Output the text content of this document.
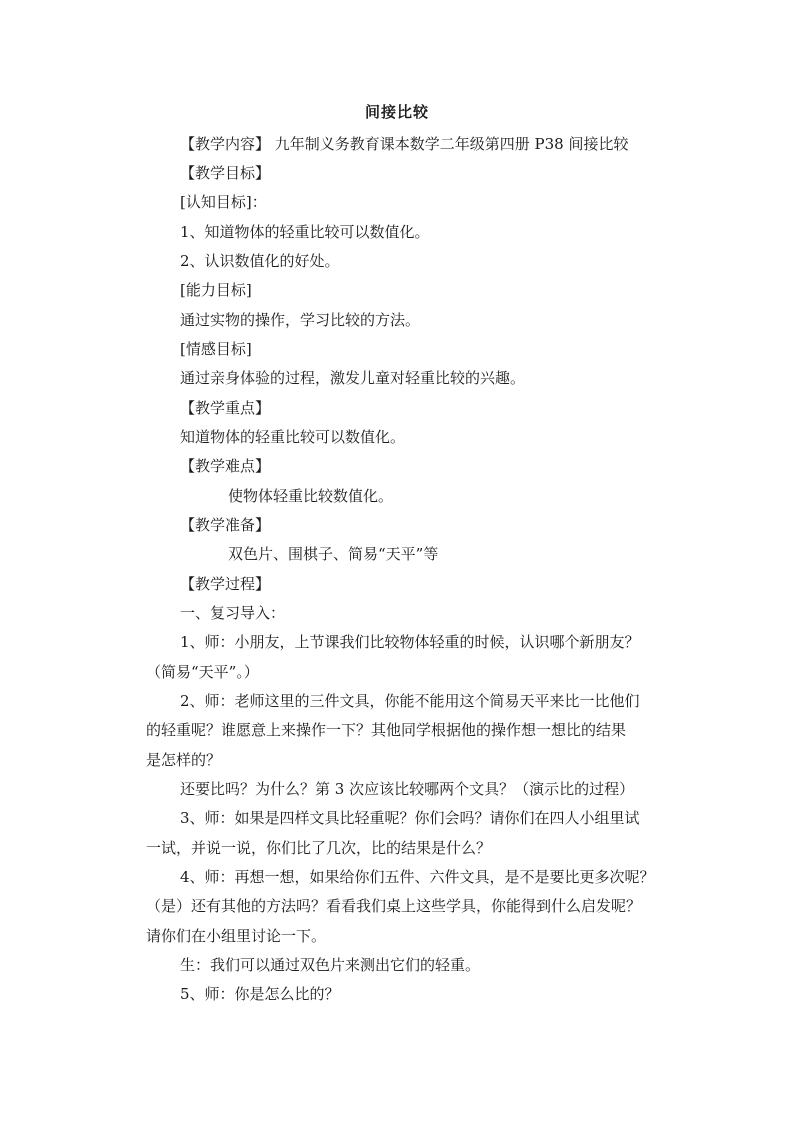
间接比较
【教学内容】 九年制义务教育课本数学二年级第四册 P38 间接比较
【教学目标】
[认知目标]：
1、知道物体的轻重比较可以数值化。
2、认识数值化的好处。
[能力目标]
通过实物的操作，学习比较的方法。
[情感目标]
通过亲身体验的过程，激发儿童对轻重比较的兴趣。
【教学重点】
知道物体的轻重比较可以数值化。
【教学难点】
使物体轻重比较数值化。
【教学准备】
双色片、围棋子、简易“天平”等
【教学过程】
一、复习导入：
1、师：小朋友，上节课我们比较物体轻重的时候，认识哪个新朋友？
（简易“天平”。）
2、师：老师这里的三件文具，你能不能用这个简易天平来比一比他们
的轻重呢？谁愿意上来操作一下？其他同学根据他的操作想一想比的结果
是怎样的？
还要比吗？为什么？第 3 次应该比较哪两个文具？（演示比的过程）
3、师：如果是四样文具比轻重呢？你们会吗？请你们在四人小组里试
一试，并说一说，你们比了几次，比的结果是什么？
4、师：再想一想，如果给你们五件、六件文具，是不是要比更多次呢？
（是）还有其他的方法吗？看看我们桌上这些学具，你能得到什么启发呢？
请你们在小组里讨论一下。
生：我们可以通过双色片来测出它们的轻重。
5、师：你是怎么比的？
